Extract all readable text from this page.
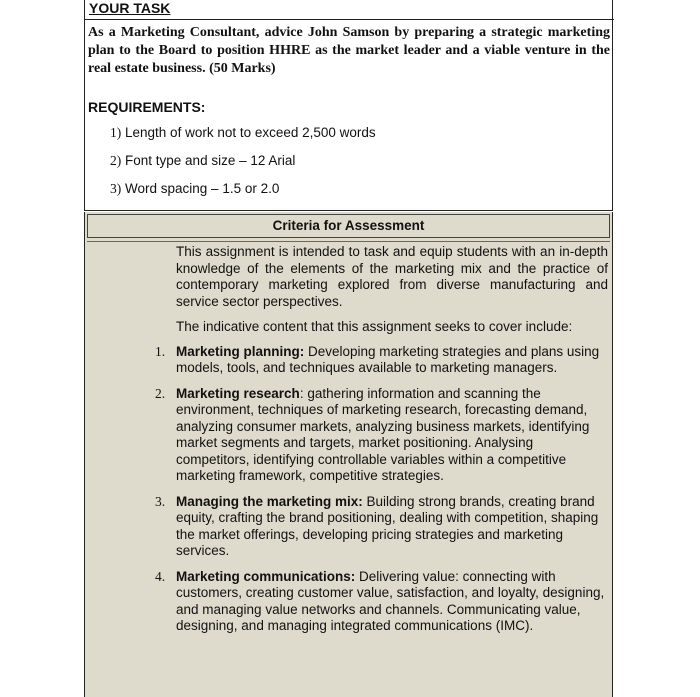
YOUR TASK
As a Marketing Consultant, advice John Samson by preparing a strategic marketing plan to the Board to position HHRE as the market leader and a viable venture in the real estate business. (50 Marks)
REQUIREMENTS:
1) Length of work not to exceed 2,500 words
2) Font type and size – 12 Arial
3) Word spacing – 1.5 or 2.0
Criteria for Assessment

This assignment is intended to task and equip students with an in-depth knowledge of the elements of the marketing mix and the practice of contemporary marketing explored from diverse manufacturing and service sector perspectives.

The indicative content that this assignment seeks to cover include:

1. Marketing planning: Developing marketing strategies and plans using models, tools, and techniques available to marketing managers.
2. Marketing research: gathering information and scanning the environment, techniques of marketing research, forecasting demand, analyzing consumer markets, analyzing business markets, identifying market segments and targets, market positioning. Analysing competitors, identifying controllable variables within a competitive marketing framework, competitive strategies.
3. Managing the marketing mix: Building strong brands, creating brand equity, crafting the brand positioning, dealing with competition, shaping the market offerings, developing pricing strategies and marketing services.
4. Marketing communications: Delivering value: connecting with customers, creating customer value, satisfaction, and loyalty, designing, and managing value networks and channels. Communicating value, designing, and managing integrated communications (IMC).
